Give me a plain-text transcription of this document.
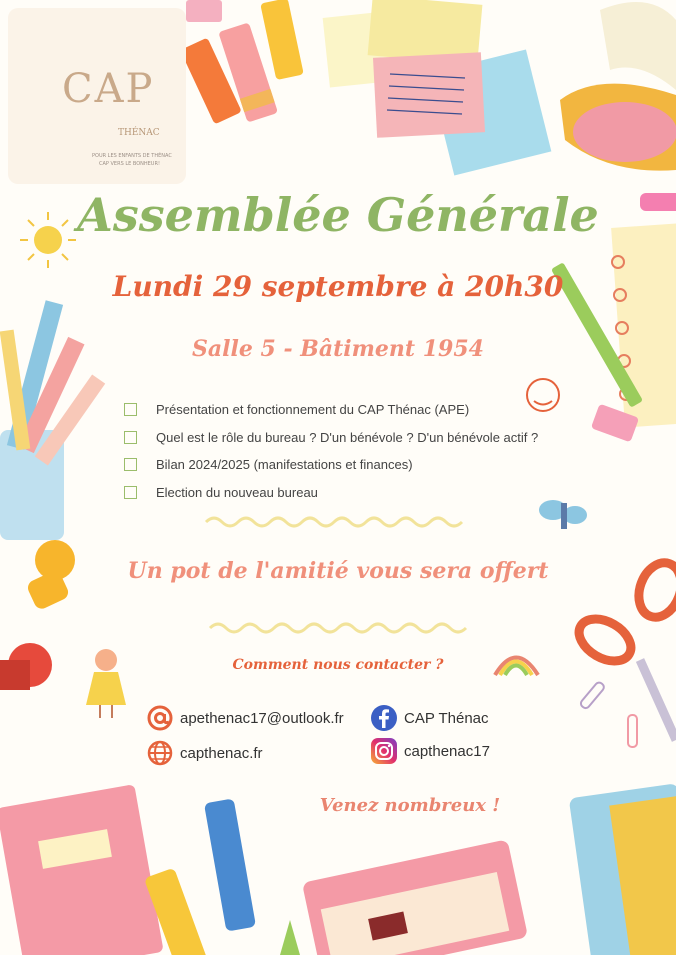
CAP
THÉNAC
POUR LES ENFANTS DE THÉNAC
CAP VERS LE BONHEUR!
Assemblée Générale
Lundi 29 septembre à 20h30
Salle 5 - Bâtiment 1954
Présentation et fonctionnement du CAP Thénac (APE)
Quel est le rôle du bureau ? D'un bénévole ? D'un bénévole actif ?
Bilan 2024/2025 (manifestations et finances)
Election du nouveau bureau
Un pot de l'amitié vous sera offert
Comment nous contacter ?
apethenac17@outlook.fr
capthenac.fr
CAP Thénac
capthenac17
Venez nombreux !
